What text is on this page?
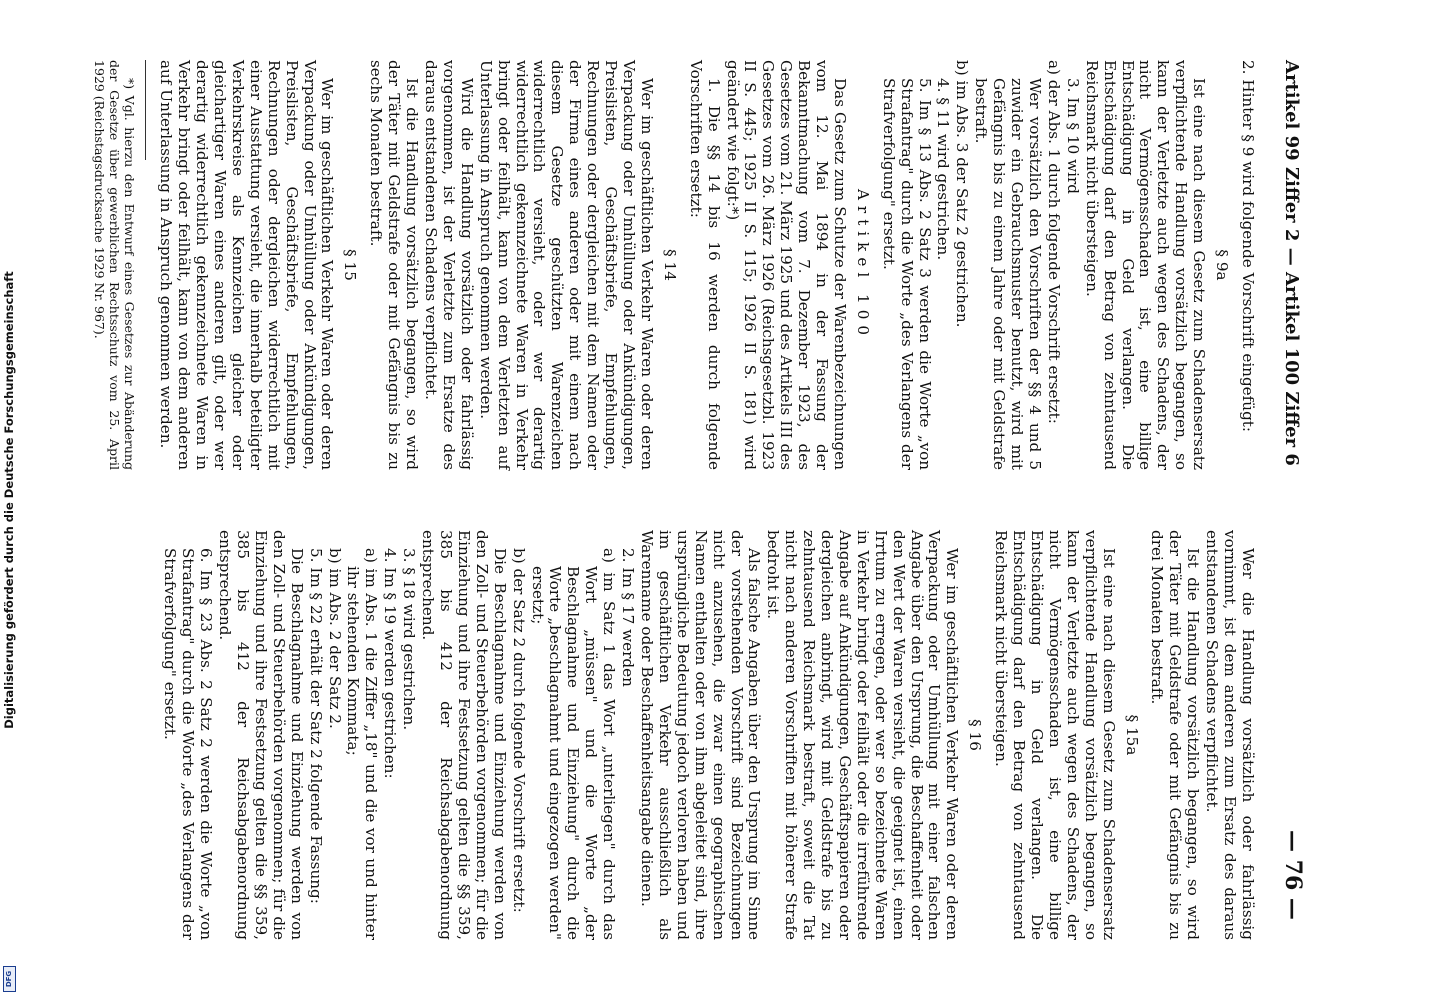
Digitalisierung gefördert durch die Deutsche Forschungsgemeinschaft
DFG
Artikel 99 Ziffer 2 — Artikel 100 Ziffer 6
— 76 —

2. Hinter § 9 wird folgende Vorschrift eingefügt:

§ 9a

Ist eine nach diesem Gesetz zum Schadensersatz verpflichtende Handlung vorsätzlich begangen, so kann der Verletzte auch wegen des Schadens, der nicht Vermögensschaden ist, eine billige Entschädigung in Geld verlangen. Die Entschädigung darf den Betrag von zehntausend Reichsmark nicht übersteigen.

3. Im § 10 wird

a) der Abs. 1 durch folgende Vorschrift ersetzt:

Wer vorsätzlich den Vorschriften der §§ 4 und 5 zuwider ein Gebrauchsmuster benutzt, wird mit Gefängnis bis zu einem Jahre oder mit Geldstrafe bestraft.

b) im Abs. 3 der Satz 2 gestrichen.

4. § 11 wird gestrichen.

5. Im § 13 Abs. 2 Satz 3 werden die Worte „von Strafantrag" durch die Worte „des Verlangens der Strafverfolgung" ersetzt.

Artikel 100

Das Gesetz zum Schutze der Warenbezeichnungen vom 12. Mai 1894 in der Fassung der Bekanntmachung vom 7. Dezember 1923, des Gesetzes vom 21. März 1925 und des Artikels III des Gesetzes vom 26. März 1926 (Reichsgesetzbl. 1923 II S. 445; 1925 II S. 115; 1926 II S. 181) wird geändert wie folgt:*)

1. Die §§ 14 bis 16 werden durch folgende Vorschriften ersetzt:

§ 14

Wer im geschäftlichen Verkehr Waren oder deren Verpackung oder Umhüllung oder Ankündigungen, Preislisten, Geschäftsbriefe, Empfehlungen, Rechnungen oder dergleichen mit dem Namen oder der Firma eines anderen oder mit einem nach diesem Gesetze geschützten Warenzeichen widerrechtlich versieht, oder wer derartig widerrechtlich gekennzeichnete Waren in Verkehr bringt oder feilhält, kann von dem Verletzten auf Unterlassung in Anspruch genommen werden.

Wird die Handlung vorsätzlich oder fahrlässig vorgenommen, ist der Verletzte zum Ersatze des daraus entstandenen Schadens verpflichtet.

Ist die Handlung vorsätzlich begangen, so wird der Täter mit Geldstrafe oder mit Gefängnis bis zu sechs Monaten bestraft.

§ 15

Wer im geschäftlichen Verkehr Waren oder deren Verpackung oder Umhüllung oder Ankündigungen, Preislisten, Geschäftsbriefe, Empfehlungen, Rechnungen oder dergleichen widerrechtlich mit einer Ausstattung versieht, die innerhalb beteiligter Verkehrskreise als Kennzeichen gleicher oder gleichartiger Waren eines anderen gilt, oder wer derartig widerrechtlich gekennzeichnete Waren in Verkehr bringt oder feilhält, kann von dem anderen auf Unterlassung in Anspruch genommen werden.

*) Vgl. hierzu den Entwurf eines Gesetzes zur Abänderung der Gesetze über gewerblichen Rechtsschutz vom 25. April 1929 (Reichstagsdrucksache 1929 Nr. 967).

Wer die Handlung vorsätzlich oder fahrlässig vornimmt, ist dem anderen zum Ersatz des daraus entstandenen Schadens verpflichtet.

Ist die Handlung vorsätzlich begangen, so wird der Täter mit Geldstrafe oder mit Gefängnis bis zu drei Monaten bestraft.

§ 15a

Ist eine nach diesem Gesetz zum Schadensersatz verpflichtende Handlung vorsätzlich begangen, so kann der Verletzte auch wegen des Schadens, der nicht Vermögensschaden ist, eine billige Entschädigung in Geld verlangen. Die Entschädigung darf den Betrag von zehntausend Reichsmark nicht übersteigen.

§ 16

Wer im geschäftlichen Verkehr Waren oder deren Verpackung oder Umhüllung mit einer falschen Angabe über den Ursprung, die Beschaffenheit oder den Wert der Waren versieht, die geeignet ist, einen Irrtum zu erregen, oder wer so bezeichnete Waren in Verkehr bringt oder feilhält oder die irreführende Angabe auf Ankündigungen, Geschäftspapieren oder dergleichen anbringt, wird mit Geldstrafe bis zu zehntausend Reichsmark bestraft, soweit die Tat nicht nach anderen Vorschriften mit höherer Strafe bedroht ist.

Als falsche Angaben über den Ursprung im Sinne der vorstehenden Vorschrift sind Bezeichnungen nicht anzusehen, die zwar einen geographischen Namen enthalten oder von ihm abgeleitet sind, ihre ursprüngliche Bedeutung jedoch verloren haben und im geschäftlichen Verkehr ausschließlich als Warenname oder Beschaffenheitsangabe dienen.

2. Im § 17 werden

a) im Satz 1 das Wort „unterliegen" durch das Wort „müssen" und die Worte „der Beschlagnahme und Einziehung" durch die Worte „beschlagnahmt und eingezogen werden" ersetzt;

b) der Satz 2 durch folgende Vorschrift ersetzt:

Die Beschlagnahme und Einziehung werden von den Zoll- und Steuerbehörden vorgenommen; für die Einziehung und ihre Festsetzung gelten die §§ 359, 385 bis 412 der Reichsabgabenordnung entsprechend.

3. § 18 wird gestrichen.

4. Im § 19 werden gestrichen:

a) im Abs. 1 die Ziffer „18" und die vor und hinter ihr stehenden Kommata;

b) im Abs. 2 der Satz 2.

5. Im § 22 erhält der Satz 2 folgende Fassung:

Die Beschlagnahme und Einziehung werden von den Zoll- und Steuerbehörden vorgenommen; für die Einziehung und ihre Festsetzung gelten die §§ 359, 385 bis 412 der Reichsabgabenordnung entsprechend.

6. Im § 23 Abs. 2 Satz 2 werden die Worte „von Strafantrag" durch die Worte „des Verlangens der Strafverfolgung" ersetzt.
